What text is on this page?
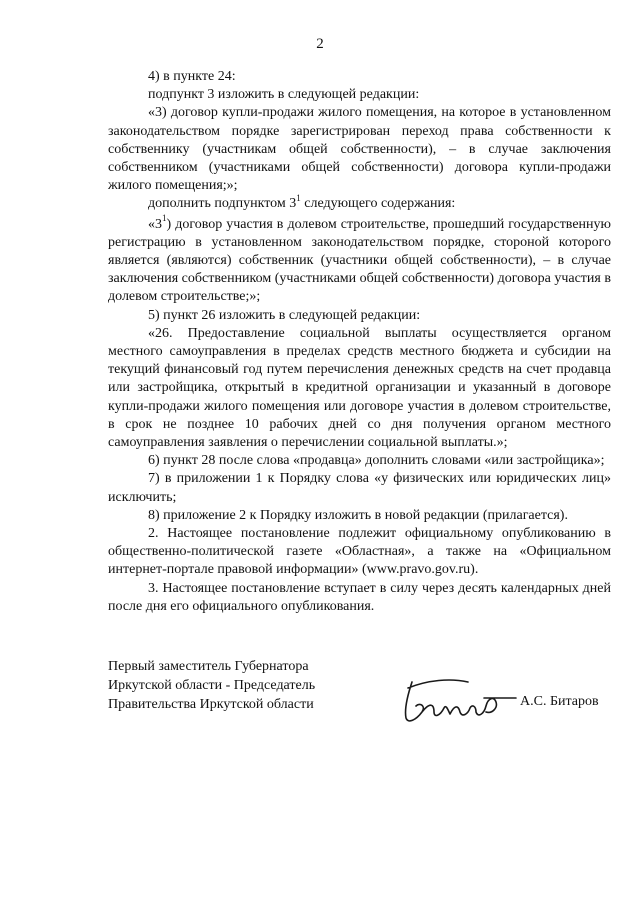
2

4) в пункте 24:

подпункт 3 изложить в следующей редакции:

«3) договор купли-продажи жилого помещения, на которое в установленном законодательством порядке зарегистрирован переход права собственности к собственнику (участникам общей собственности), – в случае заключения собственником (участниками общей собственности) договора купли-продажи жилого помещения;»;

дополнить подпунктом $3^1$ следующего содержания:

«$3^1$) договор участия в долевом строительстве, прошедший государственную регистрацию в установленном законодательством порядке, стороной которого является (являются) собственник (участники общей собственности), – в случае заключения собственником (участниками общей собственности) договора участия в долевом строительстве;»;

5) пункт 26 изложить в следующей редакции:

«26. Предоставление социальной выплаты осуществляется органом местного самоуправления в пределах средств местного бюджета и субсидии на текущий финансовый год путем перечисления денежных средств на счет продавца или застройщика, открытый в кредитной организации и указанный в договоре купли-продажи жилого помещения или договоре участия в долевом строительстве, в срок не позднее 10 рабочих дней со дня получения органом местного самоуправления заявления о перечислении социальной выплаты.»;

6) пункт 28 после слова «продавца» дополнить словами «или застройщика»;

7) в приложении 1 к Порядку слова «у физических или юридических лиц» исключить;

8) приложение 2 к Порядку изложить в новой редакции (прилагается).

2. Настоящее постановление подлежит официальному опубликованию в общественно-политической газете «Областная», а также на «Официальном интернет-портале правовой информации» (www.pravo.gov.ru).

3. Настоящее постановление вступает в силу через десять календарных дней после дня его официального опубликования.

Первый заместитель Губернатора
Иркутской области - Председатель
Правительства Иркутской области	А.С. Битаров
